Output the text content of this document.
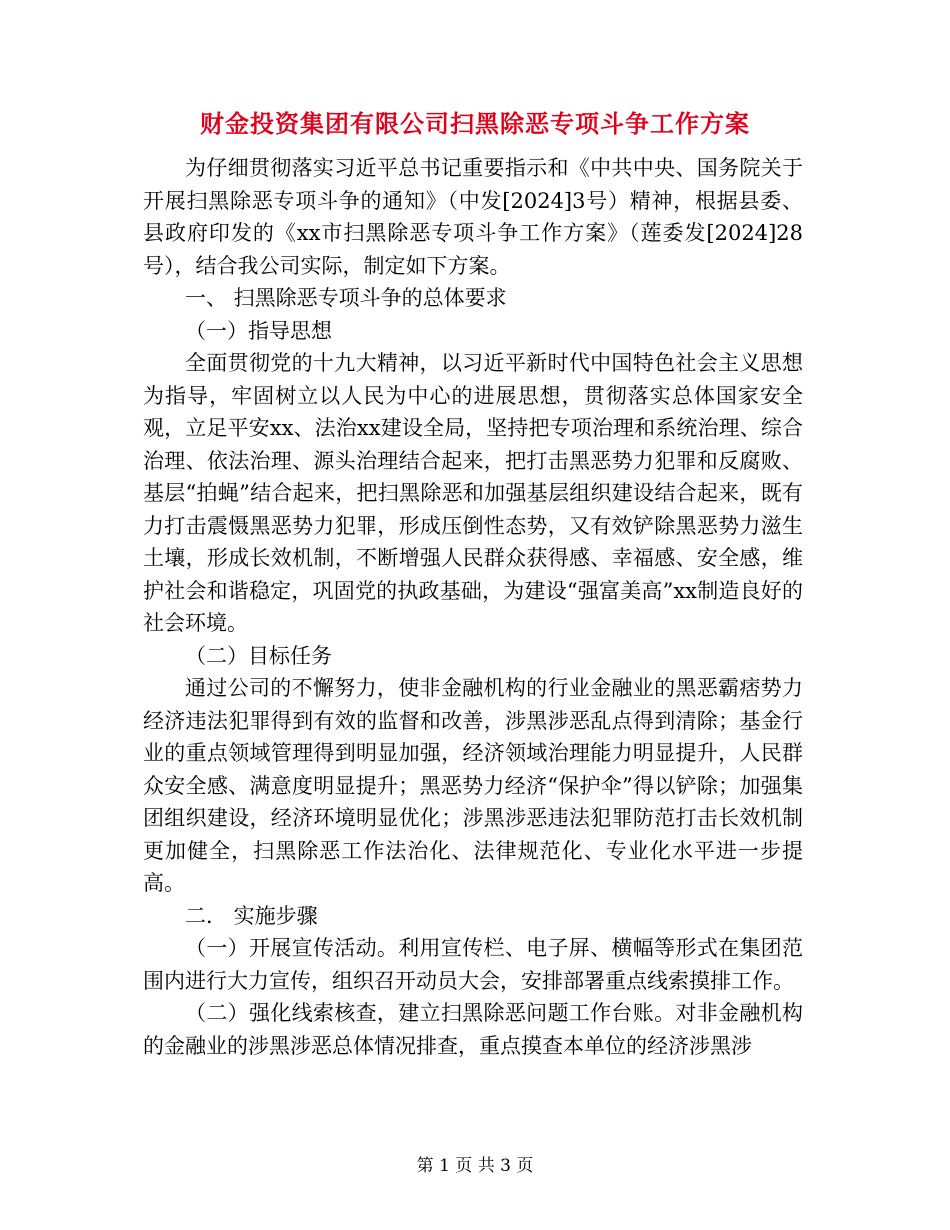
财金投资集团有限公司扫黑除恶专项斗争工作方案

为仔细贯彻落实习近平总书记重要指示和《中共中央、国务院关于开展扫黑除恶专项斗争的通知》（中发[2024]3号）精神，根据县委、县政府印发的《xx市扫黑除恶专项斗争工作方案》（莲委发[2024]28号），结合我公司实际，制定如下方案。

一、 扫黑除恶专项斗争的总体要求

（一）指导思想

全面贯彻党的十九大精神，以习近平新时代中国特色社会主义思想为指导，牢固树立以人民为中心的进展思想，贯彻落实总体国家安全观，立足平安xx、法治xx建设全局，坚持把专项治理和系统治理、综合治理、依法治理、源头治理结合起来，把打击黑恶势力犯罪和反腐败、基层“拍蝇”结合起来，把扫黑除恶和加强基层组织建设结合起来，既有力打击震慑黑恶势力犯罪，形成压倒性态势，又有效铲除黑恶势力滋生土壤，形成长效机制，不断增强人民群众获得感、幸福感、安全感，维护社会和谐稳定，巩固党的执政基础，为建设“强富美高”xx制造良好的社会环境。

（二）目标任务

通过公司的不懈努力，使非金融机构的行业金融业的黑恶霸痞势力经济违法犯罪得到有效的监督和改善，涉黑涉恶乱点得到清除；基金行业的重点领域管理得到明显加强，经济领域治理能力明显提升，人民群众安全感、满意度明显提升；黑恶势力经济“保护伞”得以铲除；加强集团组织建设，经济环境明显优化；涉黑涉恶违法犯罪防范打击长效机制更加健全，扫黑除恶工作法治化、法律规范化、专业化水平进一步提高。

二． 实施步骤

（一）开展宣传活动。利用宣传栏、电子屏、横幅等形式在集团范围内进行大力宣传，组织召开动员大会，安排部署重点线索摸排工作。

（二）强化线索核查，建立扫黑除恶问题工作台账。对非金融机构的金融业的涉黑涉恶总体情况排查，重点摸查本单位的经济涉黑涉

第 1 页 共 3 页
